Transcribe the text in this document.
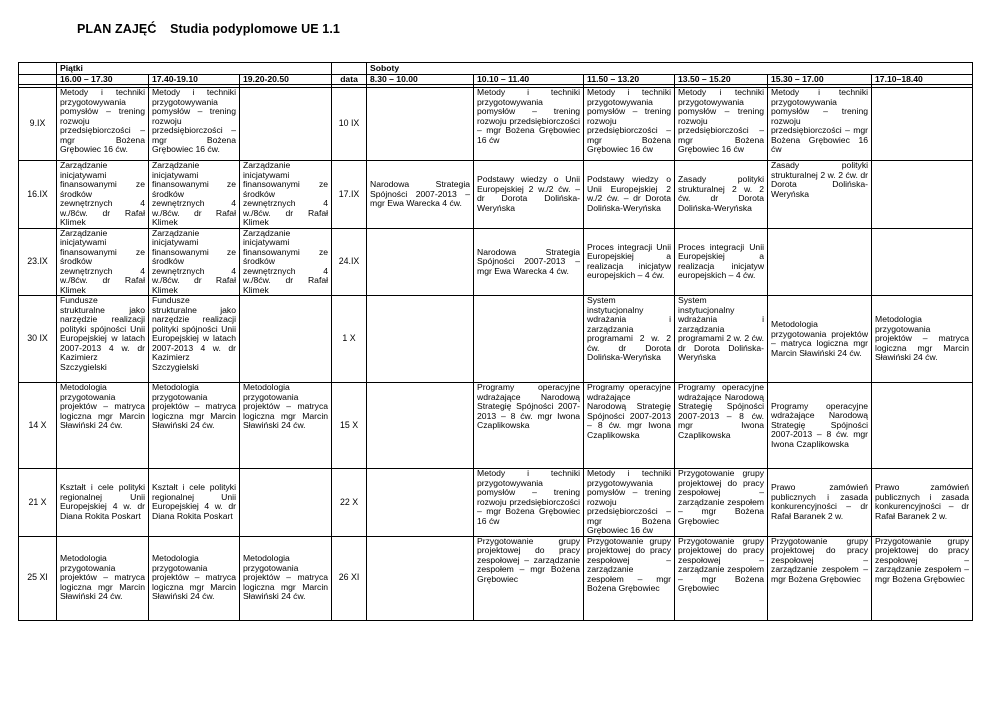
PLAN ZAJĘĆ Studia podyplomowe UE 1.1
	Piątki				Soboty					
	16.00 – 17.30	17.40-19.10	19.20-20.50	data	8.30 – 10.00	10.10 – 11.40	11.50 – 13.20	13.50 – 15.20	15.30 – 17.00	17.10–18.40

9.IX	Metody i techniki przygotowywania pomysłów – trening rozwoju przedsiębiorczości – mgr Bożena Grębowiec 16 ćw.	Metody i techniki przygotowywania pomysłów – trening rozwoju przedsiębiorczości – mgr Bożena Grębowiec 16 ćw.		10 IX		Metody i techniki przygotowywania pomysłów – trening rozwoju przedsiębiorczości – mgr Bożena Grębowiec 16 ćw	Metody i techniki przygotowywania pomysłów – trening rozwoju przedsiębiorczości – mgr Bożena Grębowiec 16 ćw	Metody i techniki przygotowywania pomysłów – trening rozwoju przedsiębiorczości – mgr Bożena Grębowiec 16 ćw	Metody i techniki przygotowywania pomysłów – trening rozwoju przedsiębiorczości – mgr Bożena Grębowiec 16 ćw	
16.IX	Zarządzanie inicjatywami finansowanymi ze środków zewnętrznych 4 w./8ćw. dr Rafał Klimek	Zarządzanie inicjatywami finansowanymi ze środków zewnętrznych 4 w./8ćw. dr Rafał Klimek	Zarządzanie inicjatywami finansowanymi ze środków zewnętrznych 4 w./8ćw. dr Rafał Klimek	17.IX	Narodowa Strategia Spójności 2007-2013 – mgr Ewa Warecka 4 ćw.	Podstawy wiedzy o Unii Europejskiej 2 w./2 ćw. – dr Dorota Dolińska-Weryńska	Podstawy wiedzy o Unii Europejskiej 2 w./2 ćw. – dr Dorota Dolińska-Weryńska	Zasady polityki strukturalnej 2 w. 2 ćw. dr Dorota Dolińska-Weryńska	Zasady polityki strukturalnej 2 w. 2 ćw. dr Dorota Dolińska-Weryńska	
23.IX	Zarządzanie inicjatywami finansowanymi ze środków zewnętrznych 4 w./8ćw. dr Rafał Klimek	Zarządzanie inicjatywami finansowanymi ze środków zewnętrznych 4 w./8ćw. dr Rafał Klimek	Zarządzanie inicjatywami finansowanymi ze środków zewnętrznych 4 w./8ćw. dr Rafał Klimek	24.IX		Narodowa Strategia Spójności 2007-2013 – mgr Ewa Warecka 4 ćw.	Proces integracji Unii Europejskiej a realizacja inicjatyw europejskich – 4 ćw.	Proces integracji Unii Europejskiej a realizacja inicjatyw europejskich – 4 ćw.		
30 IX	Fundusze strukturalne jako narzędzie realizacji polityki spójności Unii Europejskiej w latach 2007-2013 4 w. dr Kazimierz Szczygielski	Fundusze strukturalne jako narzędzie realizacji polityki spójności Unii Europejskiej w latach 2007-2013 4 w. dr Kazimierz Szczygielski		1 X			System instytucjonalny wdrażania i zarządzania programami 2 w. 2 ćw. dr Dorota Dolińska-Weryńska	System instytucjonalny wdrażania i zarządzania programami 2 w. 2 ćw. dr Dorota Dolińska-Weryńska	Metodologia przygotowania projektów – matryca logiczna mgr Marcin Sławiński 24 ćw.	Metodologia przygotowania projektów – matryca logiczna mgr Marcin Sławiński 24 ćw.
14 X	Metodologia przygotowania projektów – matryca logiczna mgr Marcin Sławiński 24 ćw.	Metodologia przygotowania projektów – matryca logiczna mgr Marcin Sławiński 24 ćw.	Metodologia przygotowania projektów – matryca logiczna mgr Marcin Sławiński 24 ćw.	15 X		Programy operacyjne wdrażające Narodową Strategię Spójności 2007-2013 – 8 ćw. mgr Iwona Czaplikowska	Programy operacyjne wdrażające Narodową Strategię Spójności 2007-2013 – 8 ćw. mgr Iwona Czaplikowska	Programy operacyjne wdrażające Narodową Strategię Spójności 2007-2013 – 8 ćw. mgr Iwona Czaplikowska	Programy operacyjne wdrażające Narodową Strategię Spójności 2007-2013 – 8 ćw. mgr Iwona Czaplikowska	
21 X	Kształt i cele polityki regionalnej Unii Europejskiej 4 w. dr Diana Rokita Poskart	Kształt i cele polityki regionalnej Unii Europejskiej 4 w. dr Diana Rokita Poskart		22 X		Metody i techniki przygotowywania pomysłów – trening rozwoju przedsiębiorczości – mgr Bożena Grębowiec 16 ćw	Metody i techniki przygotowywania pomysłów – trening rozwoju przedsiębiorczości – mgr Bożena Grębowiec 16 ćw	Przygotowanie grupy projektowej do pracy zespołowej – zarządzanie zespołem – mgr Bożena Grębowiec	Prawo zamówień publicznych i zasada konkurencyjności – dr Rafał Baranek 2 w.	Prawo zamówień publicznych i zasada konkurencyjności – dr Rafał Baranek 2 w.
25 XI	Metodologia przygotowania projektów – matryca logiczna mgr Marcin Sławiński 24 ćw.	Metodologia przygotowania projektów – matryca logiczna mgr Marcin Sławiński 24 ćw.	Metodologia przygotowania projektów – matryca logiczna mgr Marcin Sławiński 24 ćw.	26 XI		Przygotowanie grupy projektowej do pracy zespołowej – zarządzanie zespołem – mgr Bożena Grębowiec	Przygotowanie grupy projektowej do pracy zespołowej – zarządzanie zespołem – mgr Bożena Grębowiec	Przygotowanie grupy projektowej do pracy zespołowej – zarządzanie zespołem – mgr Bożena Grębowiec	Przygotowanie grupy projektowej do pracy zespołowej – zarządzanie zespołem – mgr Bożena Grębowiec	Przygotowanie grupy projektowej do pracy zespołowej – zarządzanie zespołem – mgr Bożena Grębowiec
